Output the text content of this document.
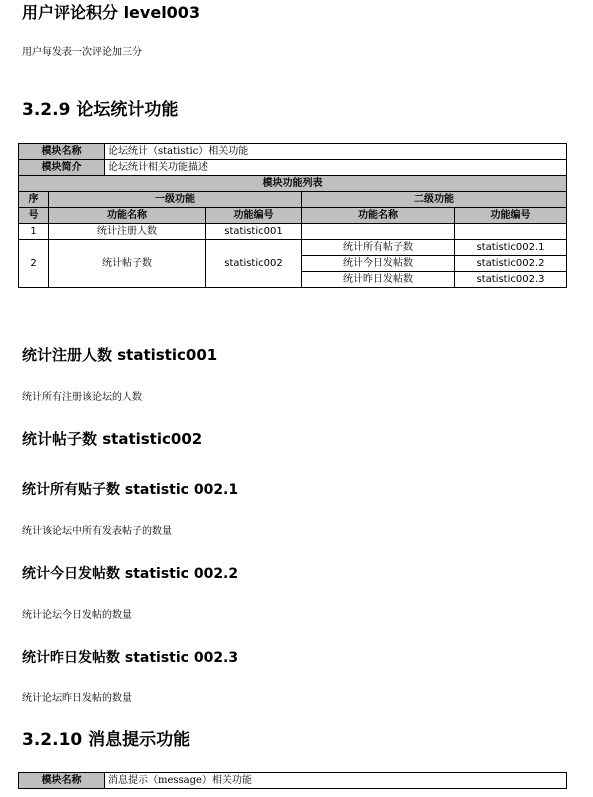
用户评论积分 level003
用户每发表一次评论加三分
3.2.9 论坛统计功能
模块名称		论坛统计（statistic）相关功能			
模块简介		论坛统计相关功能描述			
模块功能列表					
序	一级功能			二级功能	
号	功能名称		功能编号	功能名称	功能编号
1	统计注册人数		statistic001		
2	统计帖子数		statistic002	统计所有帖子数	statistic002.1
				统计今日发帖数	statistic002.2
				统计昨日发帖数	statistic002.3
统计注册人数 statistic001
统计所有注册该论坛的人数
统计帖子数 statistic002
统计所有贴子数 statistic 002.1
统计该论坛中所有发表帖子的数量
统计今日发帖数 statistic 002.2
统计论坛今日发帖的数量
统计昨日发帖数 statistic 002.3
统计论坛昨日发帖的数量
3.2.10 消息提示功能
模块名称	消息提示（message）相关功能
